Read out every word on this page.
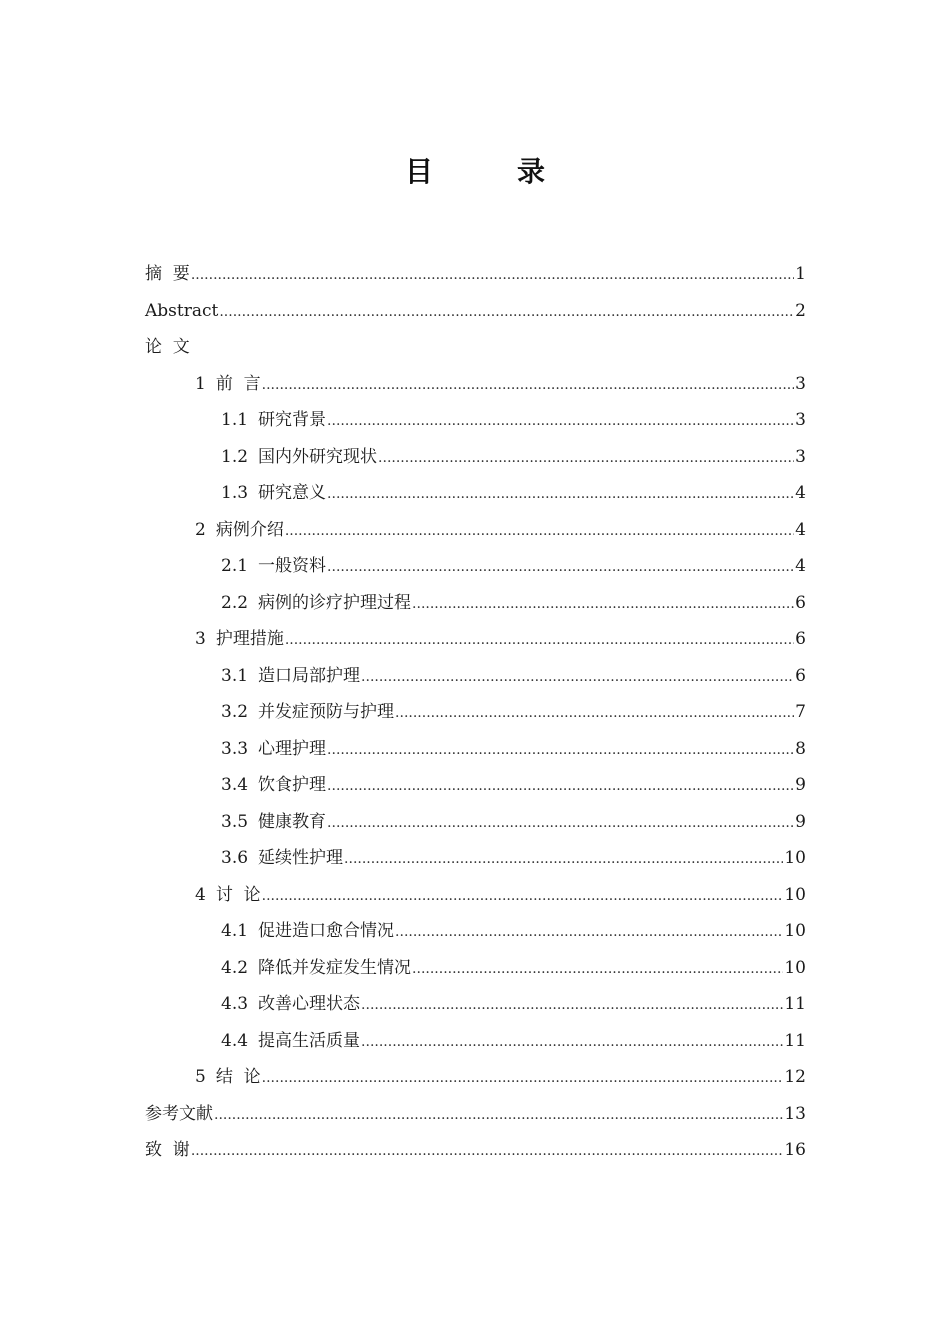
目　录
摘  要 .....	1
Abstract .....	2
论  文
1 前  言 .....	3
1.1 研究背景 .....	3
1.2 国内外研究现状 .....	3
1.3 研究意义 .....	4
2 病例介绍 .....	4
2.1 一般资料 .....	4
2.2 病例的诊疗护理过程 .....	6
3 护理措施 .....	6
3.1 造口局部护理 .....	6
3.2 并发症预防与护理 .....	7
3.3 心理护理 .....	8
3.4 饮食护理 .....	9
3.5 健康教育 .....	9
3.6 延续性护理 .....	10
4 讨  论 .....	10
4.1 促进造口愈合情况 .....	10
4.2 降低并发症发生情况 .....	10
4.3 改善心理状态 .....	11
4.4 提高生活质量 .....	11
5 结  论 .....	12
参考文献 .....	13
致  谢 .....	16
